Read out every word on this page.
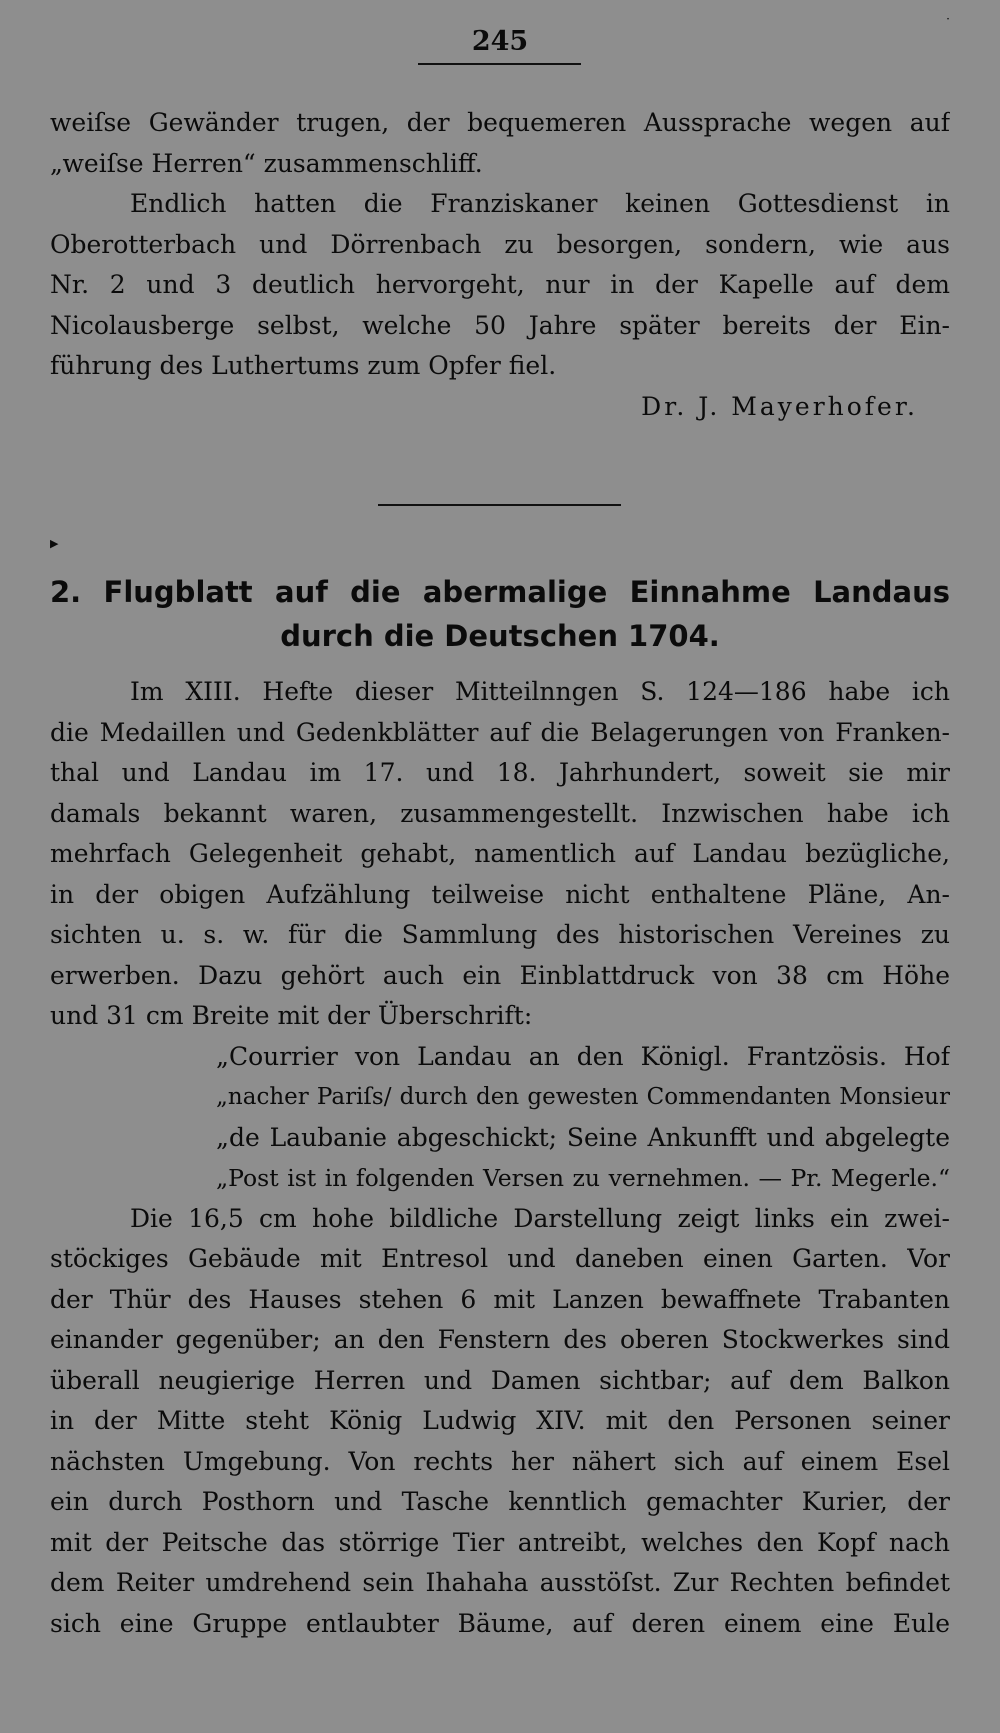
·
245
weiſse Gewänder trugen, der bequemeren Aussprache wegen auf
„weiſse Herren“ zusammenschliff.
Endlich hatten die Franziskaner keinen Gottesdienst in
Oberotterbach und Dörrenbach zu besorgen, sondern, wie aus
Nr. 2 und 3 deutlich hervorgeht, nur in der Kapelle auf dem
Nicolausberge selbst, welche 50 Jahre später bereits der Ein-
führung des Luthertums zum Opfer fiel.
Dr. J. Mayerhofer.
▶
2. Flugblatt auf die abermalige Einnahme Landaus
durch die Deutschen 1704.
Im XIII. Hefte dieser Mitteilnngen S. 124—186 habe ich
die Medaillen und Gedenkblätter auf die Belagerungen von Franken-
thal und Landau im 17. und 18. Jahrhundert, soweit sie mir
damals bekannt waren, zusammengestellt. Inzwischen habe ich
mehrfach Gelegenheit gehabt, namentlich auf Landau bezügliche,
in der obigen Aufzählung teilweise nicht enthaltene Pläne, An-
sichten u. s. w. für die Sammlung des historischen Vereines zu
erwerben. Dazu gehört auch ein Einblattdruck von 38 cm Höhe
und 31 cm Breite mit der Überschrift:
„Courrier von Landau an den Königl. Frantzösis. Hof
„nacher Pariſs/ durch den gewesten Commendanten Monsieur
„de Laubanie abgeschickt; Seine Ankunfft und abgelegte
„Post ist in folgenden Versen zu vernehmen. — Pr. Megerle.“
Die 16,5 cm hohe bildliche Darstellung zeigt links ein zwei-
stöckiges Gebäude mit Entresol und daneben einen Garten. Vor
der Thür des Hauses stehen 6 mit Lanzen bewaffnete Trabanten
einander gegenüber; an den Fenstern des oberen Stockwerkes sind
überall neugierige Herren und Damen sichtbar; auf dem Balkon
in der Mitte steht König Ludwig XIV. mit den Personen seiner
nächsten Umgebung. Von rechts her nähert sich auf einem Esel
ein durch Posthorn und Tasche kenntlich gemachter Kurier, der
mit der Peitsche das störrige Tier antreibt, welches den Kopf nach
dem Reiter umdrehend sein Ihahaha ausstöſst. Zur Rechten befindet
sich eine Gruppe entlaubter Bäume, auf deren einem eine Eule
